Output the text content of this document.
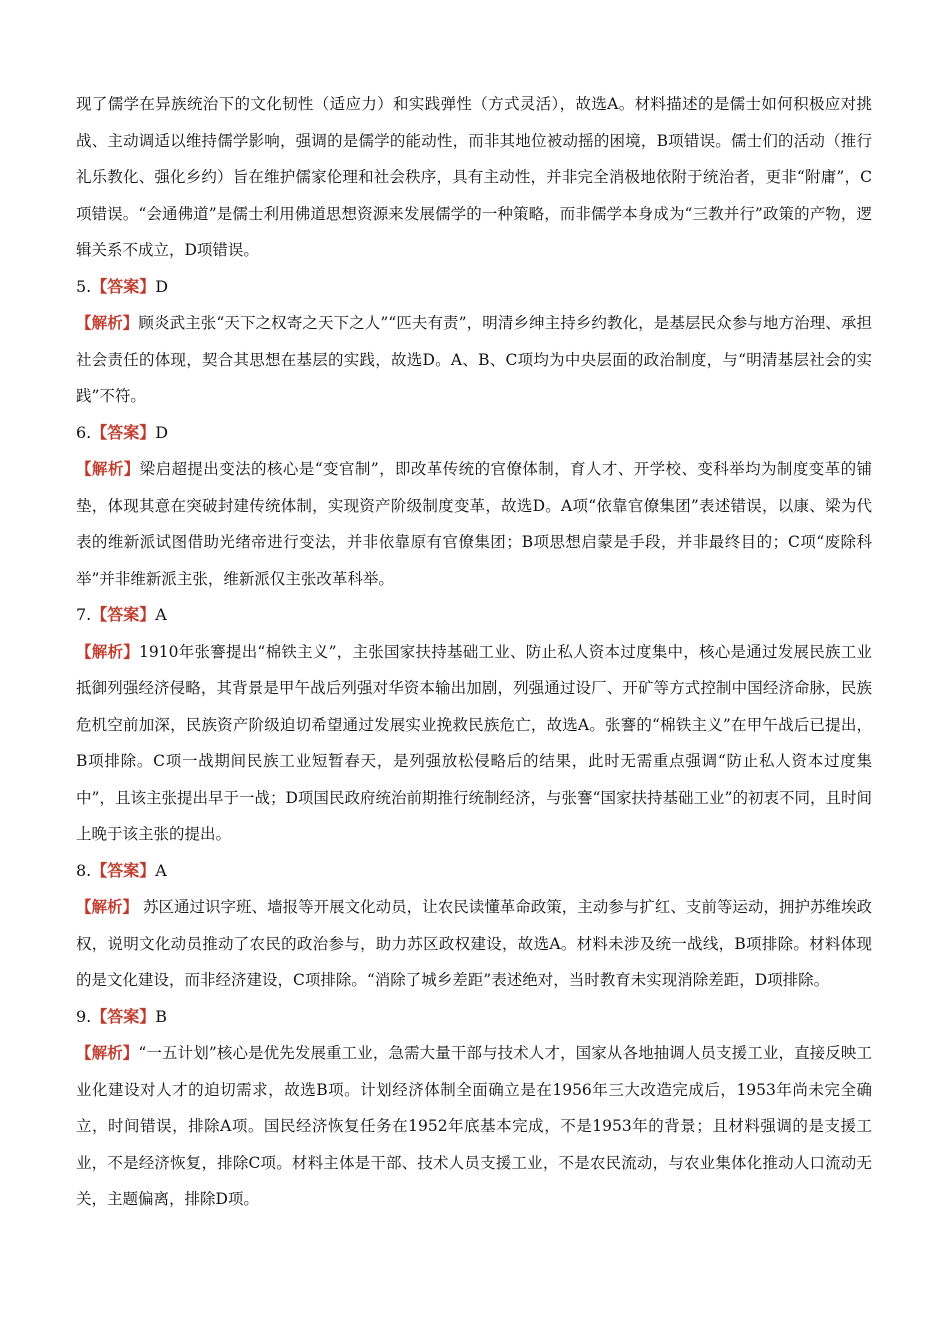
现了儒学在异族统治下的文化韧性（适应力）和实践弹性（方式灵活），故选A。材料描述的是儒士如何积极应对挑战、主动调适以维持儒学影响，强调的是儒学的能动性，而非其地位被动摇的困境，B项错误。儒士们的活动（推行礼乐教化、强化乡约）旨在维护儒家伦理和社会秩序，具有主动性，并非完全消极地依附于统治者，更非“附庸”，C项错误。“会通佛道”是儒士利用佛道思想资源来发展儒学的一种策略，而非儒学本身成为“三教并行”政策的产物，逻辑关系不成立，D项错误。

5.【答案】D

【解析】顾炎武主张“天下之权寄之天下之人”“匹夫有责”，明清乡绅主持乡约教化，是基层民众参与地方治理、承担社会责任的体现，契合其思想在基层的实践，故选D。A、B、C项均为中央层面的政治制度，与“明清基层社会的实践”不符。

6.【答案】D

【解析】梁启超提出变法的核心是“变官制”，即改革传统的官僚体制，育人才、开学校、变科举均为制度变革的铺垫，体现其意在突破封建传统体制，实现资产阶级制度变革，故选D。A项“依靠官僚集团”表述错误，以康、梁为代表的维新派试图借助光绪帝进行变法，并非依靠原有官僚集团；B项思想启蒙是手段，并非最终目的；C项“废除科举”并非维新派主张，维新派仅主张改革科举。

7.【答案】A

【解析】1910年张謇提出“棉铁主义”，主张国家扶持基础工业、防止私人资本过度集中，核心是通过发展民族工业抵御列强经济侵略，其背景是甲午战后列强对华资本输出加剧，列强通过设厂、开矿等方式控制中国经济命脉，民族危机空前加深，民族资产阶级迫切希望通过发展实业挽救民族危亡，故选A。张謇的“棉铁主义”在甲午战后已提出，B项排除。C项一战期间民族工业短暂春天，是列强放松侵略后的结果，此时无需重点强调“防止私人资本过度集中”，且该主张提出早于一战；D项国民政府统治前期推行统制经济，与张謇“国家扶持基础工业”的初衷不同，且时间上晚于该主张的提出。

8.【答案】A

【解析】 苏区通过识字班、墙报等开展文化动员，让农民读懂革命政策，主动参与扩红、支前等运动，拥护苏维埃政权，说明文化动员推动了农民的政治参与，助力苏区政权建设，故选A。材料未涉及统一战线，B项排除。材料体现的是文化建设，而非经济建设，C项排除。“消除了城乡差距”表述绝对，当时教育未实现消除差距，D项排除。

9.【答案】B

【解析】“一五计划”核心是优先发展重工业，急需大量干部与技术人才，国家从各地抽调人员支援工业，直接反映工业化建设对人才的迫切需求，故选B项。计划经济体制全面确立是在1956年三大改造完成后，1953年尚未完全确立，时间错误，排除A项。国民经济恢复任务在1952年底基本完成，不是1953年的背景；且材料强调的是支援工业，不是经济恢复，排除C项。材料主体是干部、技术人员支援工业，不是农民流动，与农业集体化推动人口流动无关，主题偏离，排除D项。
